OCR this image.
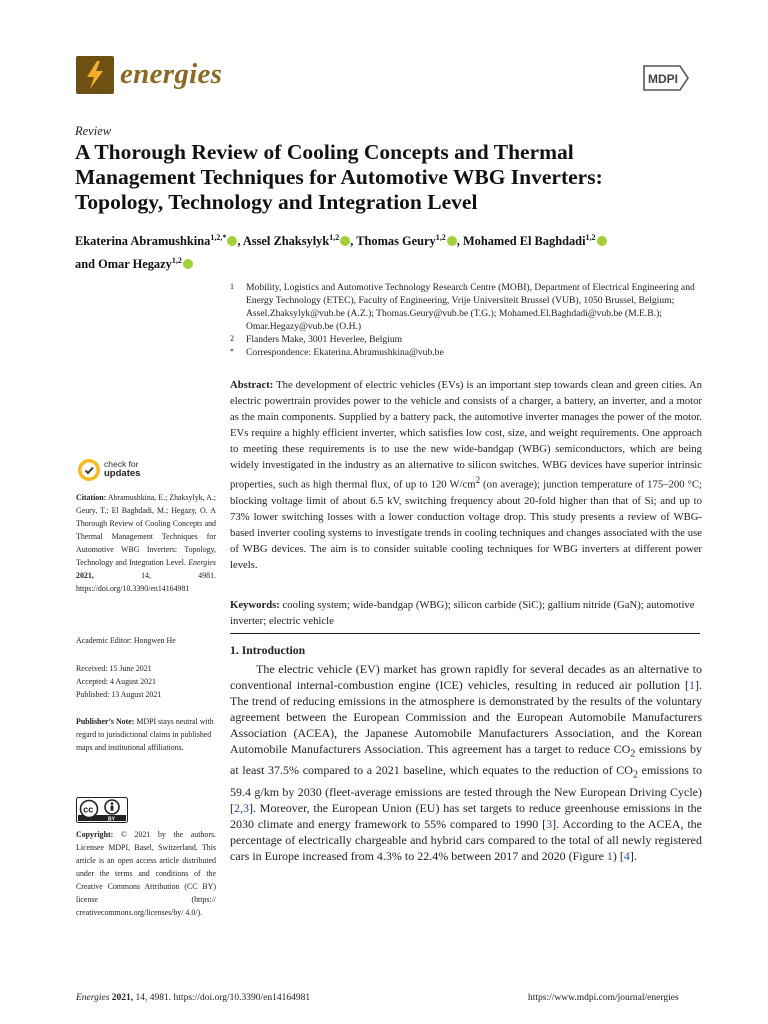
energies	MDPI
Review
A Thorough Review of Cooling Concepts and Thermal Management Techniques for Automotive WBG Inverters: Topology, Technology and Integration Level
Ekaterina Abramushkina$^{1,2,*}$ , Assel Zhaksylyk$^{1,2}$ , Thomas Geury$^{1,2}$ , Mohamed El Baghdadi$^{1,2}$
and Omar Hegazy$^{1,2}$
1 Mobility, Logistics and Automotive Technology Research Centre (MOBI), Department of Electrical Engineering and Energy Technology (ETEC), Faculty of Engineering, Vrije Universiteit Brussel (VUB), 1050 Brussel, Belgium; Assel.Zhaksylyk@vub.be (A.Z.); Thomas.Geury@vub.be (T.G.); Mohamed.El.Baghdadi@vub.be (M.E.B.); Omar.Hegazy@vub.be (O.H.)
2 Flanders Make, 3001 Heverlee, Belgium
* Correspondence: Ekaterina.Abramushkina@vub.be
Abstract: The development of electric vehicles (EVs) is an important step towards clean and green cities. An electric powertrain provides power to the vehicle and consists of a charger, a battery, an inverter, and a motor as the main components. Supplied by a battery pack, the automotive inverter manages the power of the motor. EVs require a highly efficient inverter, which satisfies low cost, size, and weight requirements. One approach to meeting these requirements is to use the new wide-bandgap (WBG) semiconductors, which are being widely investigated in the industry as an alternative to silicon switches. WBG devices have superior intrinsic properties, such as high thermal flux, of up to 120 $W/cm^2$ (on average); junction temperature of 175–200 °C; blocking voltage limit of about 6.5 kV, switching frequency about 20-fold higher than that of Si; and up to 73% lower switching losses with a lower conduction voltage drop. This study presents a review of WBG-based inverter cooling systems to investigate trends in cooling techniques and changes associated with the use of WBG devices. The aim is to consider suitable cooling techniques for WBG inverters at different power levels.
Keywords: cooling system; wide-bandgap (WBG); silicon carbide (SiC); gallium nitride (GaN); automotive inverter; electric vehicle
check for
updates
Citation: Abramushkina, E.; Zhaksylyk, A.; Geury, T.; El Baghdadi, M.; Hegazy, O. A Thorough Review of Cooling Concepts and Thermal Management Techniques for Automotive WBG Inverters: Topology, Technology and Integration Level. Energies 2021,	14, 4981. https://doi.org/10.3390/en14164981
Academic Editor: Hongwen He
Received: 15 June 2021
Accepted: 4 August 2021
Published: 13 August 2021
Publisher’s Note: MDPI stays neutral with regard to jurisdictional claims in published maps and institutional affiliations.
cc
BY
Copyright: © 2021 by the authors. Licensee MDPI, Basel, Switzerland. This article is an open access article distributed under the terms and conditions of the Creative Commons Attribution (CC BY) license (https:// creativecommons.org/licenses/by/ 4.0/).
1. Introduction
The electric vehicle (EV) market has grown rapidly for several decades as an alternative to conventional internal-combustion engine (ICE) vehicles, resulting in reduced air pollution [1]. The trend of reducing emissions in the atmosphere is demonstrated by the results of the voluntary agreement between the European Commission and the European Automobile Manufacturers Association (ACEA), the Japanese Automobile Manufacturers Association, and the Korean Automobile Manufacturers Association. This agreement has a target to reduce $CO_2$ emissions by at least 37.5% compared to a 2021 baseline, which equates to the reduction of $CO_2$ emissions to 59.4 g/km by 2030 (fleet-average emissions are tested through the New European Driving Cycle) [2,3]. Moreover, the European Union (EU) has set targets to reduce greenhouse emissions in the 2030 climate and energy framework to 55% compared to 1990 [3]. According to the ACEA, the percentage of electrically chargeable and hybrid cars compared to the total of all newly registered cars in Europe increased from 4.3% to 22.4% between 2017 and 2020 (Figure 1) [4].
Energies 2021, 14, 4981. https://doi.org/10.3390/en14164981	https://www.mdpi.com/journal/energies
